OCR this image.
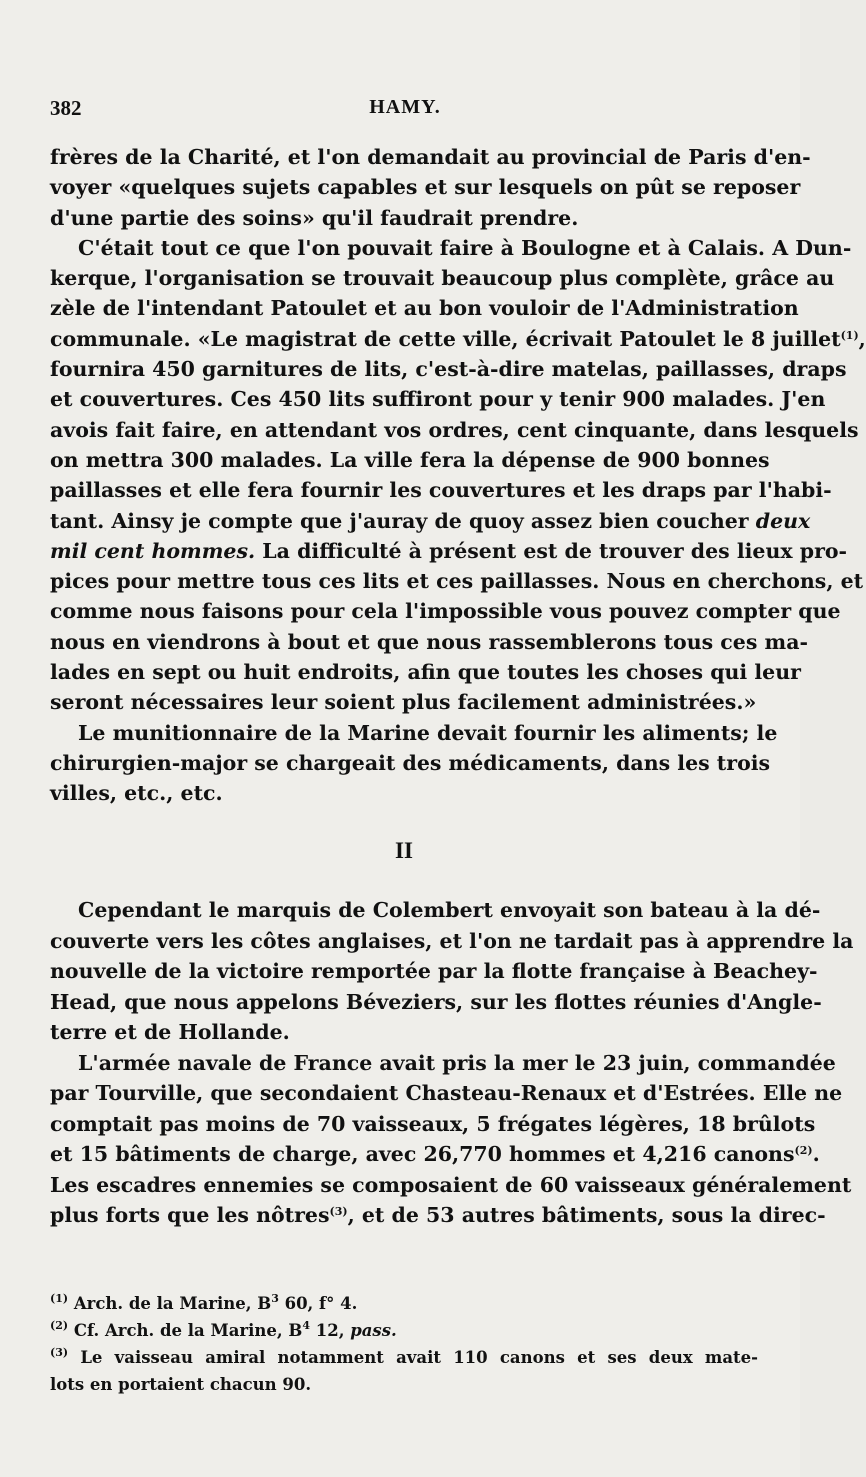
382	HAMY.
frères de la Charité, et l'on demandait au provincial de Paris d'en-
voyer «quelques sujets capables et sur lesquels on pût se reposer
d'une partie des soins» qu'il faudrait prendre.
C'était tout ce que l'on pouvait faire à Boulogne et à Calais. A Dun-
kerque, l'organisation se trouvait beaucoup plus complète, grâce au
zèle de l'intendant Patoulet et au bon vouloir de l'Administration
communale. «Le magistrat de cette ville, écrivait Patoulet le 8 juillet$^{(1)}$,
fournira 450 garnitures de lits, c'est-à-dire matelas, paillasses, draps
et couvertures. Ces 450 lits suffiront pour y tenir 900 malades. J'en
avois fait faire, en attendant vos ordres, cent cinquante, dans lesquels
on mettra 300 malades. La ville fera la dépense de 900 bonnes
paillasses et elle fera fournir les couvertures et les draps par l'habi-
tant. Ainsy je compte que j'auray de quoy assez bien coucher deux
mil cent hommes. La difficulté à présent est de trouver des lieux pro-
pices pour mettre tous ces lits et ces paillasses. Nous en cherchons, et
comme nous faisons pour cela l'impossible vous pouvez compter que
nous en viendrons à bout et que nous rassemblerons tous ces ma-
lades en sept ou huit endroits, afin que toutes les choses qui leur
seront nécessaires leur soient plus facilement administrées.»
Le munitionnaire de la Marine devait fournir les aliments; le
chirurgien-major se chargeait des médicaments, dans les trois
villes, etc., etc.
II
Cependant le marquis de Colembert envoyait son bateau à la dé-
couverte vers les côtes anglaises, et l'on ne tardait pas à apprendre la
nouvelle de la victoire remportée par la flotte française à Beachey-
Head, que nous appelons Béveziers, sur les flottes réunies d'Angle-
terre et de Hollande.
L'armée navale de France avait pris la mer le 23 juin, commandée
par Tourville, que secondaient Chasteau-Renaux et d'Estrées. Elle ne
comptait pas moins de 70 vaisseaux, 5 frégates légères, 18 brûlots
et 15 bâtiments de charge, avec 26,770 hommes et 4,216 canons$^{(2)}$.
Les escadres ennemies se composaient de 60 vaisseaux généralement
plus forts que les nôtres$^{(3)}$, et de 53 autres bâtiments, sous la direc-
$^{(1)}$ Arch. de la Marine, $B^3$ 60, f° 4.
$^{(2)}$ Cf. Arch. de la Marine, $B^4$ 12, pass.
$^{(3)}$ Le vaisseau amiral notamment avait 110 canons et ses deux mate-
lots en portaient chacun 90.
